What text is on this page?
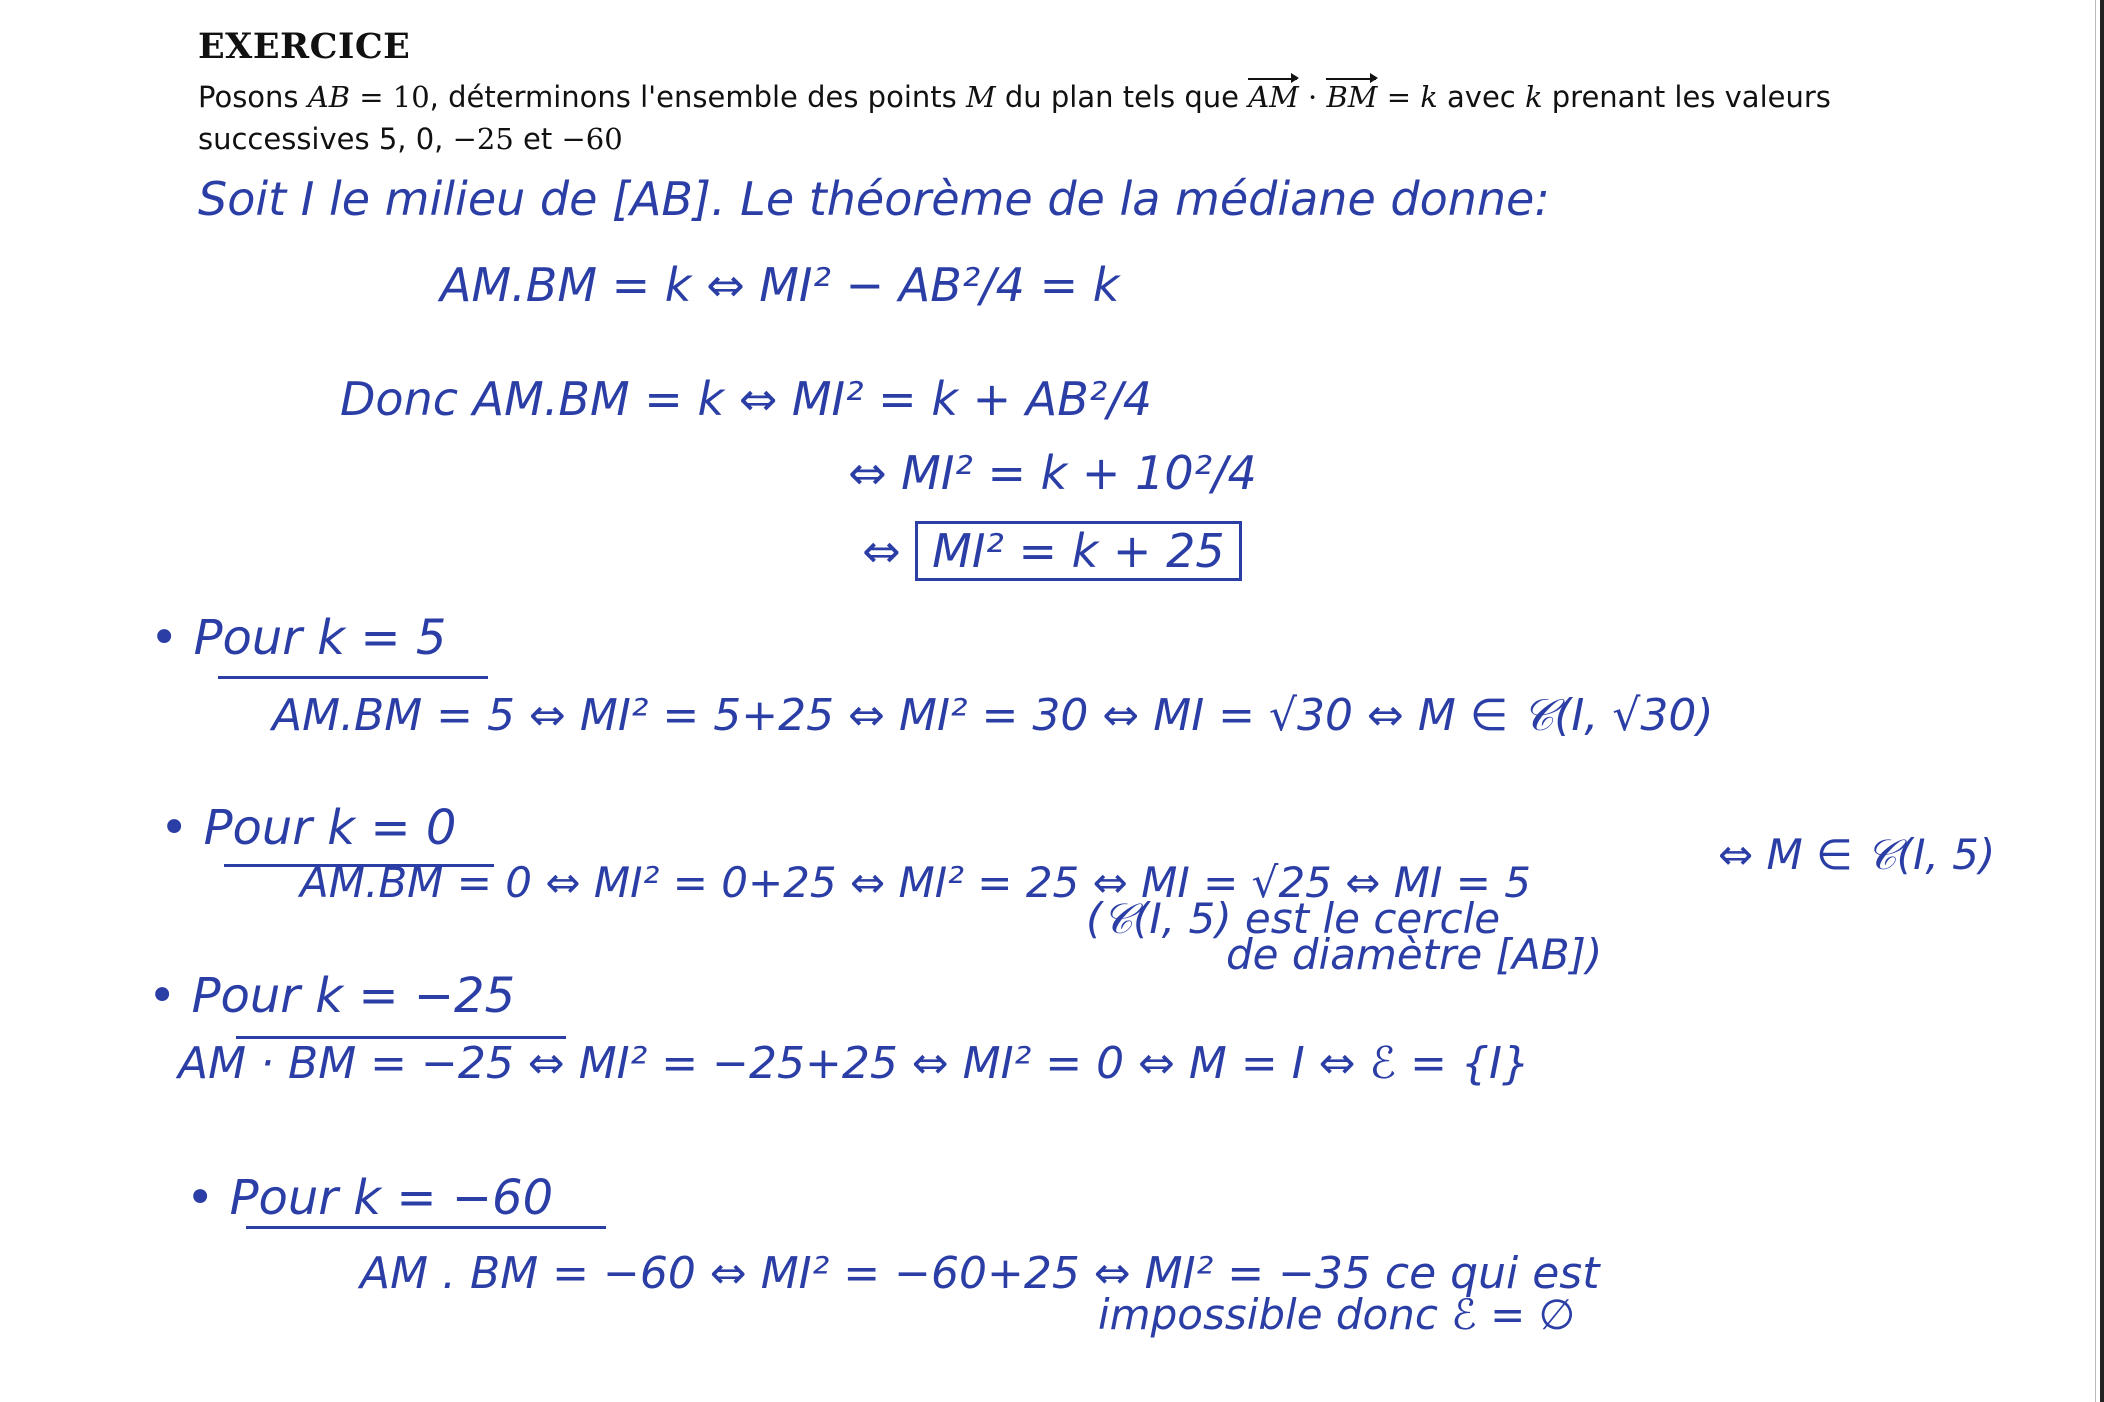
EXERCICE
Posons AB = 10, déterminons l'ensemble des points M du plan tels que AM · BM = k avec k prenant les valeurs successives 5, 0, −25 et −60
Soit I le milieu de [AB]. Le théorème de la médiane donne:
AM.BM = k ⇔ MI² − AB²/4 = k
Donc AM.BM = k ⇔ MI² = k + AB²/4
⇔ MI² = k + 10²/4
⇔ MI² = k + 25
• Pour k = 5
AM.BM = 5 ⇔ MI² = 5+25 ⇔ MI² = 30 ⇔ MI = √30 ⇔ M ∈ 𝒞(I, √30)
• Pour k = 0
AM.BM = 0 ⇔ MI² = 0+25 ⇔ MI² = 25 ⇔ MI = √25 ⇔ MI = 5
⇔ M ∈ 𝒞(I, 5)
(𝒞(I, 5) est le cercle
de diamètre [AB])
• Pour k = −25
AM · BM = −25 ⇔ MI² = −25+25 ⇔ MI² = 0 ⇔ M = I ⇔ ℰ = {I}
• Pour k = −60
AM . BM = −60 ⇔ MI² = −60+25 ⇔ MI² = −35 ce qui est
impossible donc ℰ = ∅
